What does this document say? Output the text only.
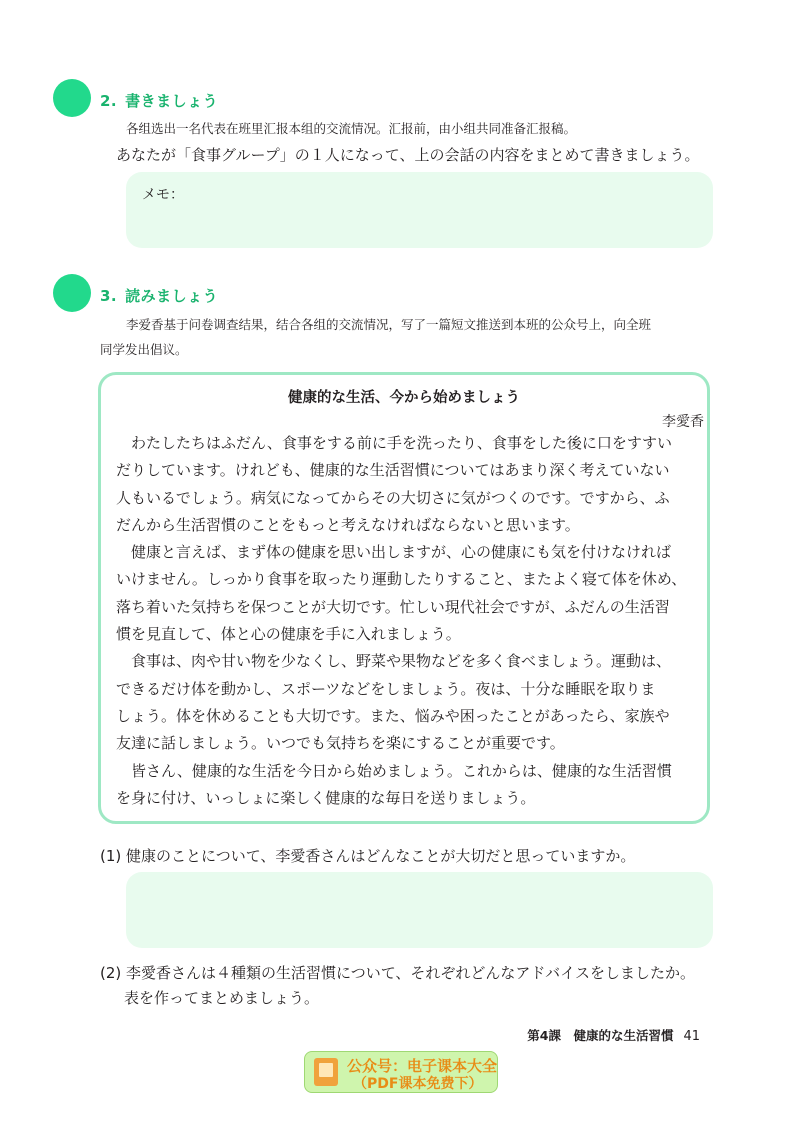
2. 書きましょう
各组选出一名代表在班里汇报本组的交流情况。汇报前，由小组共同准备汇报稿。
あなたが「食事グループ」の１人になって、上の会話の内容をまとめて書きましょう。
メモ：
3. 読みましょう
李爱香基于问卷调查结果，结合各组的交流情况，写了一篇短文推送到本班的公众号上，向全班
同学发出倡议。
健康的な生活、今から始めましょう
李愛香
　わたしたちはふだん、食事をする前に手を洗ったり、食事をした後に口をすすい
だりしています。けれども、健康的な生活習慣についてはあまり深く考えていない
人もいるでしょう。病気になってからその大切さに気がつくのです。ですから、ふ
だんから生活習慣のことをもっと考えなければならないと思います。
　健康と言えば、まず体の健康を思い出しますが、心の健康にも気を付けなければ
いけません。しっかり食事を取ったり運動したりすること、またよく寝て体を休め、
落ち着いた気持ちを保つことが大切です。忙しい現代社会ですが、ふだんの生活習
慣を見直して、体と心の健康を手に入れましょう。
　食事は、肉や甘い物を少なくし、野菜や果物などを多く食べましょう。運動は、
できるだけ体を動かし、スポーツなどをしましょう。夜は、十分な睡眠を取りま
しょう。体を休めることも大切です。また、悩みや困ったことがあったら、家族や
友達に話しましょう。いつでも気持ちを楽にすることが重要です。
　皆さん、健康的な生活を今日から始めましょう。これからは、健康的な生活習慣
を身に付け、いっしょに楽しく健康的な毎日を送りましょう。
(1) 健康のことについて、李愛香さんはどんなことが大切だと思っていますか。
(2) 李愛香さんは４種類の生活習慣について、それぞれどんなアドバイスをしましたか。
表を作ってまとめましょう。
第4課　健康的な生活習慣 41
公众号：电子课本大全
（PDF课本免费下）
